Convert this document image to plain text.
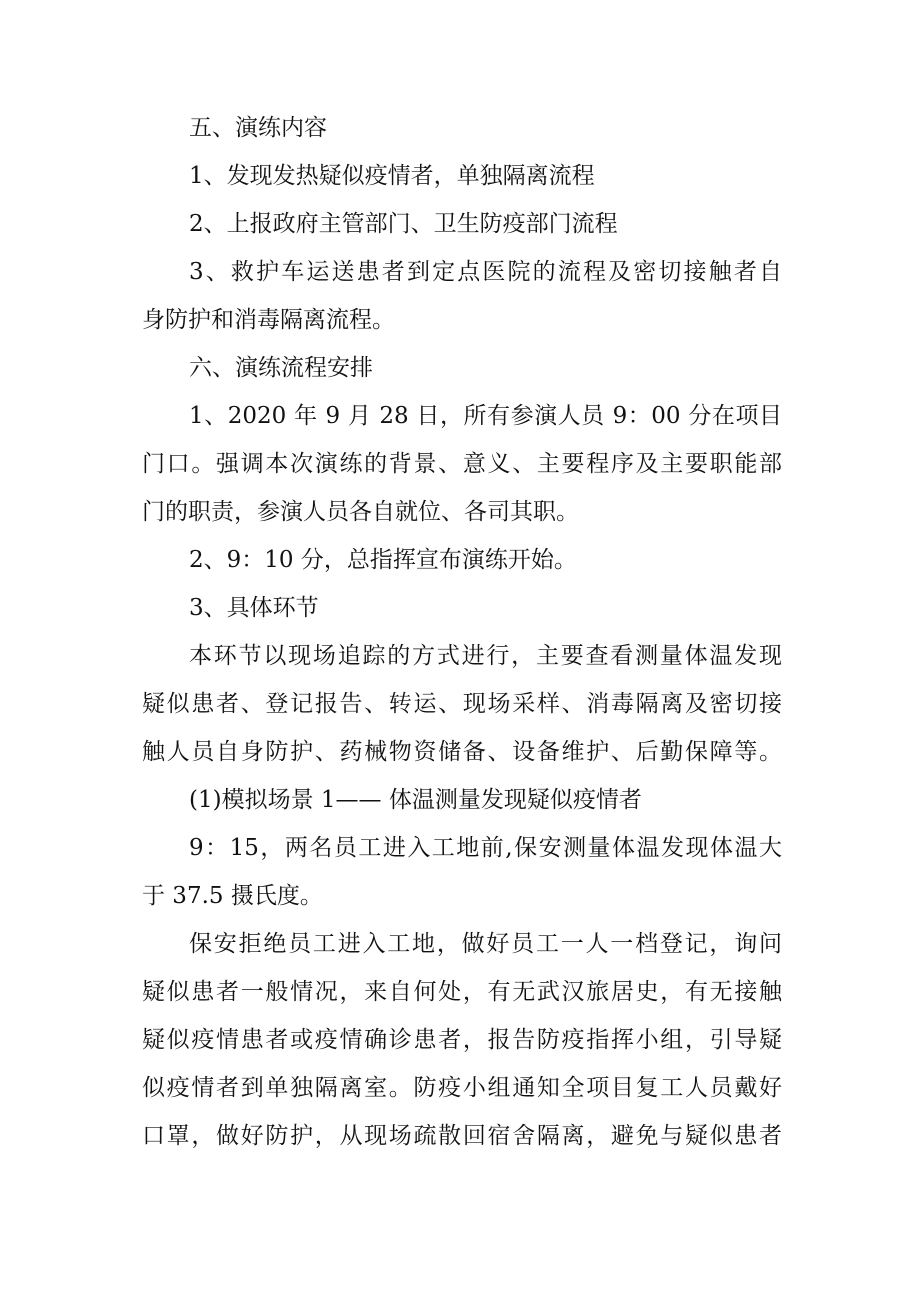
五、演练内容
1、发现发热疑似疫情者，单独隔离流程
2、上报政府主管部门、卫生防疫部门流程
3、救护车运送患者到定点医院的流程及密切接触者自
身防护和消毒隔离流程。
六、演练流程安排
1、2020 年 9 月 28 日，所有参演人员 9：00 分在项目
门口。强调本次演练的背景、意义、主要程序及主要职能部
门的职责，参演人员各自就位、各司其职。
2、9：10 分，总指挥宣布演练开始。
3、具体环节
本环节以现场追踪的方式进行，主要查看测量体温发现
疑似患者、登记报告、转运、现场采样、消毒隔离及密切接
触人员自身防护、药械物资储备、设备维护、后勤保障等。
(1)模拟场景 1—— 体温测量发现疑似疫情者
9：15，两名员工进入工地前,保安测量体温发现体温大
于 37.5 摄氏度。
保安拒绝员工进入工地，做好员工一人一档登记，询问
疑似患者一般情况，来自何处，有无武汉旅居史，有无接触
疑似疫情患者或疫情确诊患者，报告防疫指挥小组，引导疑
似疫情者到单独隔离室。防疫小组通知全项目复工人员戴好
口罩，做好防护，从现场疏散回宿舍隔离，避免与疑似患者
